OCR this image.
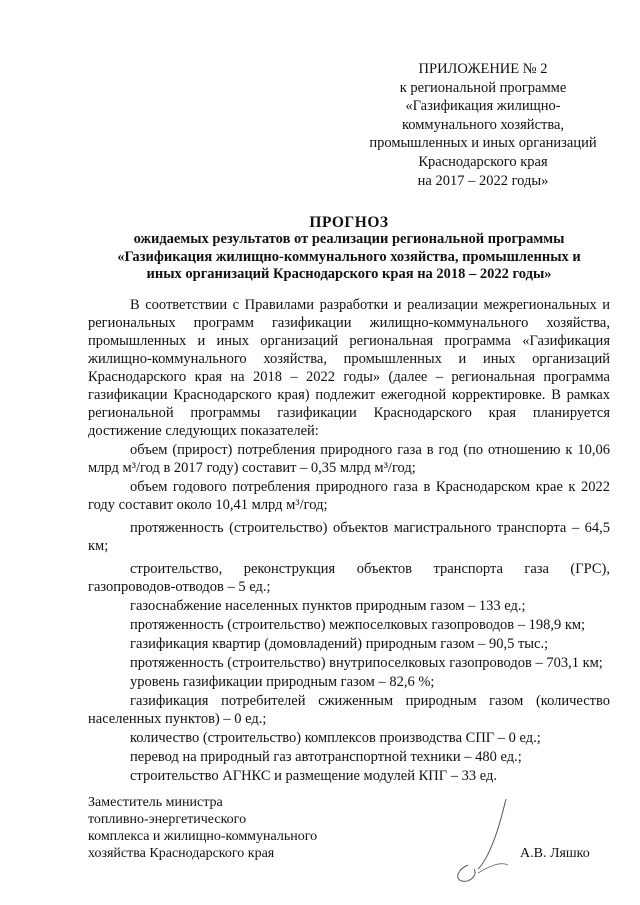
ПРИЛОЖЕНИЕ № 2
к региональной программе
«Газификация жилищно-
коммунального хозяйства,
промышленных и иных организаций
Краснодарского края
на 2017 – 2022 годы»
ПРОГНОЗ
ожидаемых результатов от реализации региональной программы
«Газификация жилищно-коммунального хозяйства, промышленных и
иных организаций Краснодарского края на 2018 – 2022 годы»

В соответствии с Правилами разработки и реализации межрегиональных и региональных программ газификации жилищно-коммунального хозяйства, промышленных и иных организаций региональная программа «Газификация жилищно-коммунального хозяйства, промышленных и иных организаций Краснодарского края на 2018 – 2022 годы» (далее – региональная программа газификации Краснодарского края) подлежит ежегодной корректировке. В рамках региональной программы газификации Краснодарского края планируется достижение следующих показателей:

объем (прирост) потребления природного газа в год (по отношению к 10,06 млрд м³/год в 2017 году) составит – 0,35 млрд м³/год;

объем годового потребления природного газа в Краснодарском крае к 2022 году составит около 10,41 млрд м³/год;

протяженность (строительство) объектов магистрального транспорта – 64,5 км;

строительство, реконструкция объектов транспорта газа (ГРС), газопроводов-отводов – 5 ед.;

газоснабжение населенных пунктов природным газом – 133 ед.;

протяженность (строительство) межпоселковых газопроводов – 198,9 км;

газификация квартир (домовладений) природным газом – 90,5 тыс.;

протяженность (строительство) внутрипоселковых газопроводов – 703,1 км;

уровень газификации природным газом – 82,6 %;

газификация потребителей сжиженным природным газом (количество населенных пунктов) – 0 ед.;

количество (строительство) комплексов производства СПГ – 0 ед.;

перевод на природный газ автотранспортной техники – 480 ед.;

строительство АГНКС и размещение модулей КПГ – 33 ед.

Заместитель министра
топливно-энергетического
комплекса и жилищно-коммунального
хозяйства Краснодарского края	А.В. Ляшко
